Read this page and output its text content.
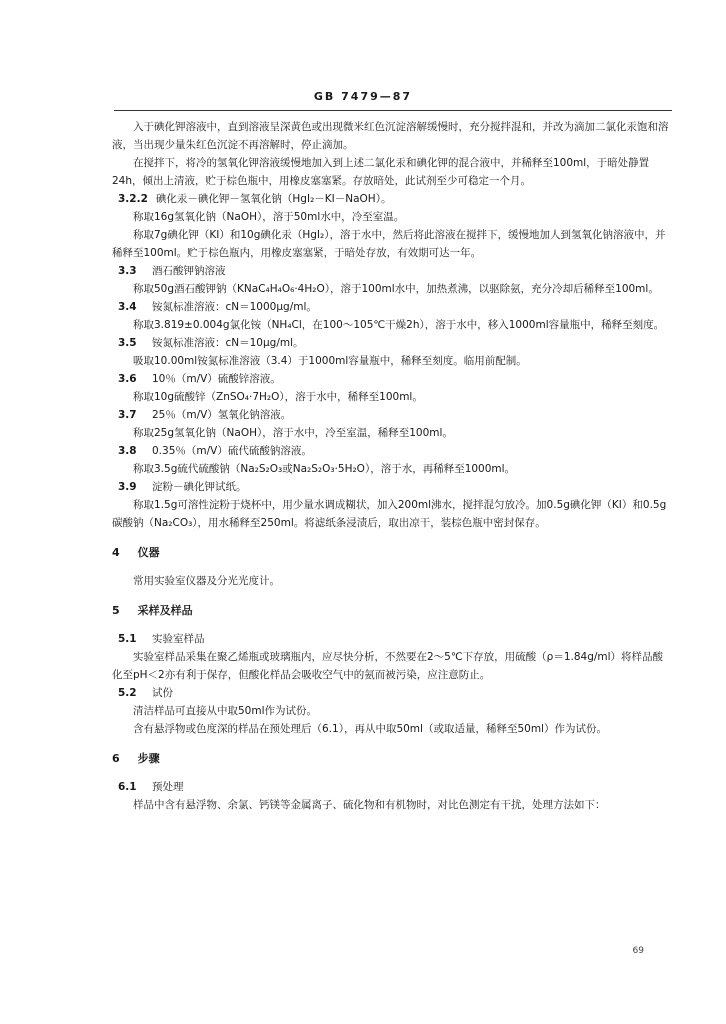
GB 7479—87

入于碘化钾溶液中，直到溶液呈深黄色或出现微米红色沉淀溶解缓慢时，充分搅拌混和，并改为滴加二氯化汞饱和溶液，当出现少量朱红色沉淀不再溶解时，停止滴加。

在搅拌下，将冷的氢氧化钾溶液缓慢地加入到上述二氯化汞和碘化钾的混合液中，并稀释至100ml，于暗处静置24h，倾出上清液，贮于棕色瓶中，用橡皮塞塞紧。存放暗处，此试剂至少可稳定一个月。

3.2.2 碘化汞－碘化钾－氢氧化钠（HgI₂－KI－NaOH）。

称取16g氢氧化钠（NaOH），溶于50ml水中，冷至室温。

称取7g碘化钾（KI）和10g碘化汞（HgI₂），溶于水中，然后将此溶液在搅拌下，缓慢地加人到氢氧化钠溶液中，并稀释至100ml。贮于棕色瓶内，用橡皮塞塞紧，于暗处存放，有效期可达一年。

3.3	酒石酸钾钠溶液

称取50g酒石酸钾钠（KNaC₄H₄O₆·4H₂O），溶于100ml水中，加热煮沸，以驱除氨，充分冷却后稀释至100ml。

3.4	铵氮标准溶液：cN＝1000μg/ml。

称取3.819±0.004g氯化铵（NH₄Cl，在100～105℃干燥2h），溶于水中，移入1000ml容量瓶中，稀释至刻度。

3.5	铵氮标准溶液：cN＝10μg/ml。

吸取10.00ml铵氮标准溶液（3.4）于1000ml容量瓶中，稀释至刻度。临用前配制。

3.6	10％（m/V）硫酸锌溶液。

称取10g硫酸锌（ZnSO₄·7H₂O），溶于水中，稀释至100ml。

3.7	25％（m/V）氢氧化钠溶液。

称取25g氢氧化钠（NaOH），溶于水中，冷至室温，稀释至100ml。

3.8	0.35％（m/V）硫代硫酸钠溶液。

称取3.5g硫代硫酸钠（Na₂S₂O₃或Na₂S₂O₃·5H₂O），溶于水，再稀释至1000ml。

3.9	淀粉－碘化钾试纸。

称取1.5g可溶性淀粉于烧杯中，用少量水调成糊状，加入200ml沸水，搅拌混匀放冷。加0.5g碘化钾（KI）和0.5g碳酸钠（Na₂CO₃），用水稀释至250ml。将滤纸条浸渍后，取出凉干，装棕色瓶中密封保存。

4 仪器

常用实验室仪器及分光光度计。

5 采样及样品
5.1	实验室样品

实验室样品采集在聚乙烯瓶或玻璃瓶内，应尽快分析，不然要在2～5℃下存放，用硫酸（ρ＝1.84g/ml）将样品酸化至pH＜2亦有利于保存，但酸化样品会吸收空气中的氨而被污染，应注意防止。

5.2	试份

清洁样品可直接从中取50ml作为试份。

含有悬浮物或色度深的样品在预处理后（6.1），再从中取50ml（或取适量，稀释至50ml）作为试份。

6 步骤
6.1	预处理

样品中含有悬浮物、余氯、钙镁等金属离子、硫化物和有机物时，对比色测定有干扰，处理方法如下：

69
